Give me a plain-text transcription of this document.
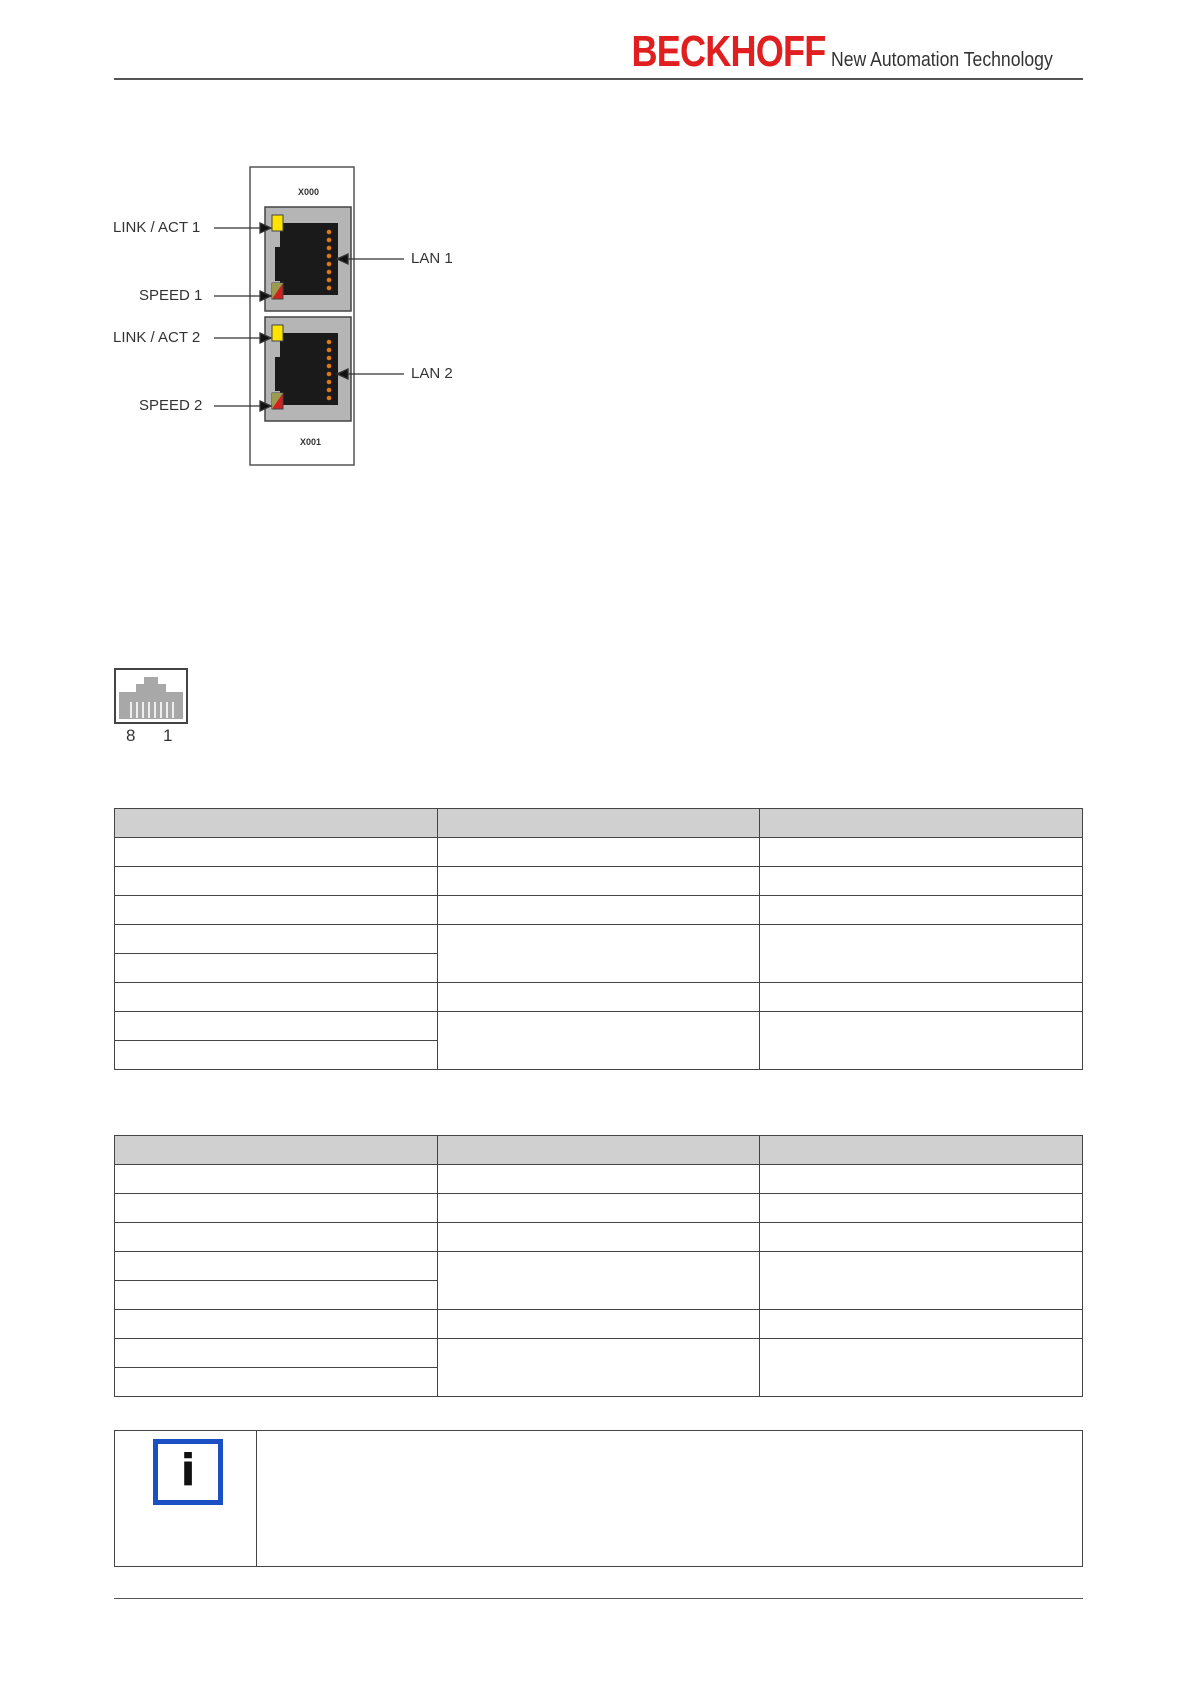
BECKHOFF New Automation Technology
X000
X001
LINK / ACT 1
SPEED 1
LINK / ACT 2
SPEED 2
LAN 1
LAN 2
8 1

i
